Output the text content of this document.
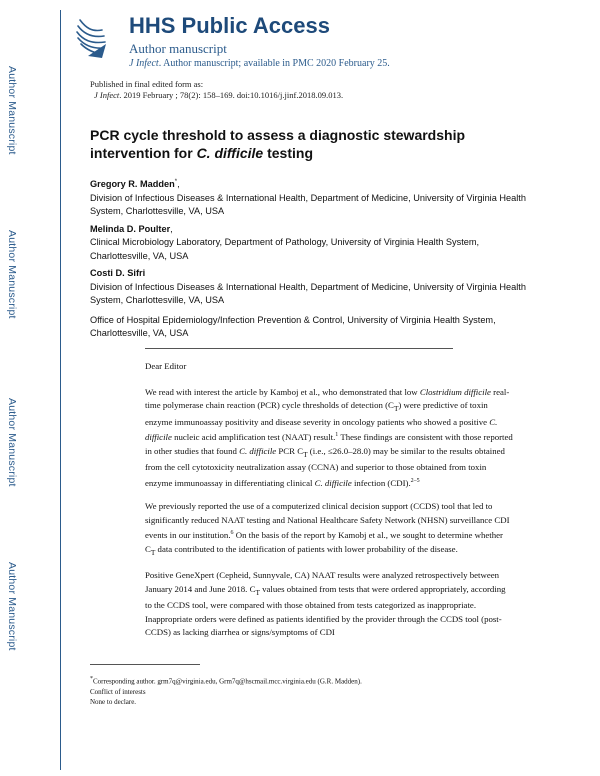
Author Manuscript
Author Manuscript
Author Manuscript
Author Manuscript
HHS Public Access
Author manuscript
J Infect. Author manuscript; available in PMC 2020 February 25.
Published in final edited form as:
J Infect. 2019 February ; 78(2): 158–169. doi:10.1016/j.jinf.2018.09.013.
PCR cycle threshold to assess a diagnostic stewardship intervention for C. difficile testing
Gregory R. Madden*,
Division of Infectious Diseases & International Health, Department of Medicine, University of Virginia Health System, Charlottesville, VA, USA
Melinda D. Poulter,
Clinical Microbiology Laboratory, Department of Pathology, University of Virginia Health System, Charlottesville, VA, USA
Costi D. Sifri
Division of Infectious Diseases & International Health, Department of Medicine, University of Virginia Health System, Charlottesville, VA, USA
Office of Hospital Epidemiology/Infection Prevention & Control, University of Virginia Health System, Charlottesville, VA, USA

Dear Editor

We read with interest the article by Kamboj et al., who demonstrated that low Clostridium difficile real-time polymerase chain reaction (PCR) cycle thresholds of detection $(C_T)$ were predictive of toxin enzyme immunoassay positivity and disease severity in oncology patients who showed a positive C. difficile nucleic acid amplification test (NAAT) result.$^1$ These findings are consistent with those reported in other studies that found C. difficile PCR $C_T$ (i.e., ≤26.0–28.0) may be similar to the results obtained from the cell cytotoxicity neutralization assay (CCNA) and superior to those obtained from toxin enzyme immunoassay in differentiating clinical C. difficile infection (CDI).$^{2-5}$

We previously reported the use of a computerized clinical decision support (CCDS) tool that led to significantly reduced NAAT testing and National Healthcare Safety Network (NHSN) surveillance CDI events in our institution.$^6$ On the basis of the report by Kamobj et al., we sought to determine whether $C_T$ data contributed to the identification of patients with lower probability of the disease.

Positive GeneXpert (Cepheid, Sunnyvale, CA) NAAT results were analyzed retrospectively between January 2014 and June 2018. $C_T$ values obtained from tests that were ordered appropriately, according to the CCDS tool, were compared with those obtained from tests categorized as inappropriate. Inappropriate orders were defined as patients identified by the provider through the CCDS tool (post-CCDS) as lacking diarrhea or signs/symptoms of CDI

*Corresponding author. grm7q@virginia.edu, Grm7q@hscmail.mcc.virginia.edu (G.R. Madden).
Conflict of interests
None to declare.
